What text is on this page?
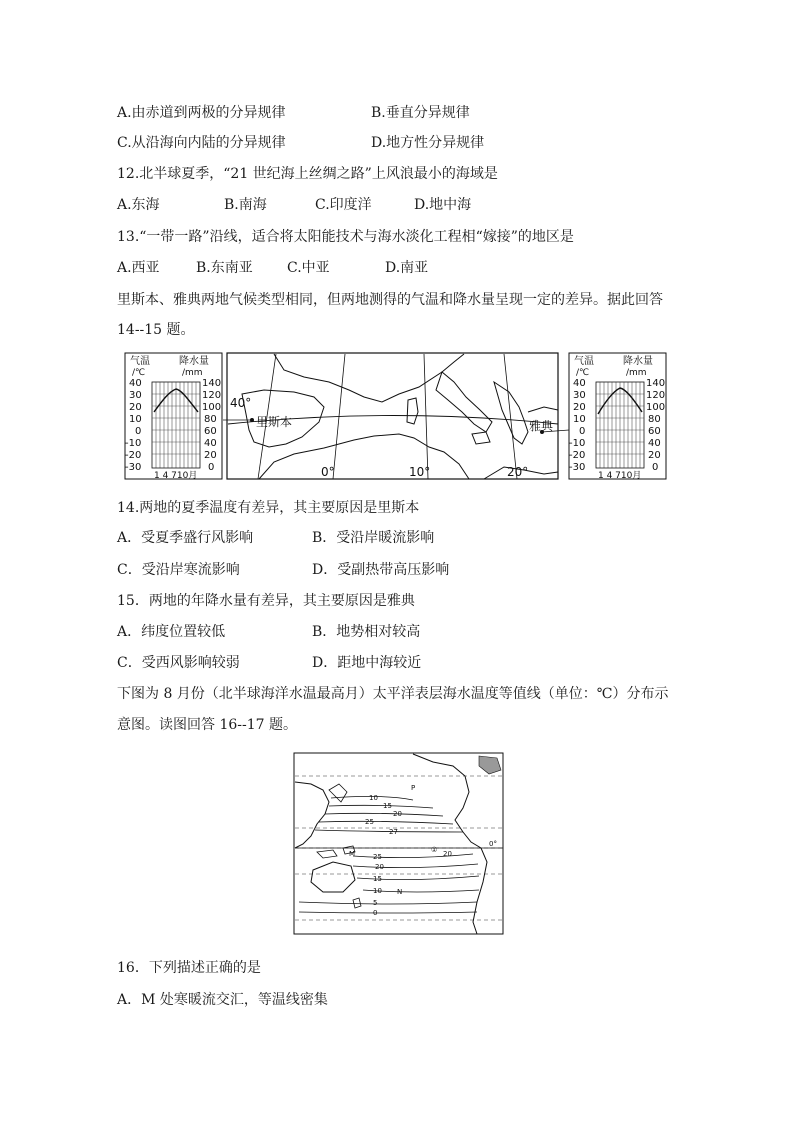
A.由赤道到两极的分异规律	B.垂直分异规律
C.从沿海向内陆的分异规律	D.地方性分异规律
12.北半球夏季，“21 世纪海上丝绸之路”上风浪最小的海域是
A.东海	B.南海	C.印度洋	D.地中海
13.“一带一路”沿线，适合将太阳能技术与海水淡化工程相“嫁接”的地区是
A.西亚	B.东南亚 C.中亚	D.南亚
里斯本、雅典两地气候类型相同，但两地测得的气温和降水量呈现一定的差异。据此回答
14--15 题。
气温
/℃
降水量
/mm
40
30
20
10
0
-10
-20
-30
140
120
100
80
60
40
20
0
1 4 710月
40°
里斯本	雅典
0°	10°	20°
气温
/℃
降水量
/mm
40
30
20
10
0
-10
-20
-30
140
120
100
80
60
40
20
0
1 4 710月
14.两地的夏季温度有差异，其主要原因是里斯本
A．受夏季盛行风影响	B．受沿岸暖流影响
C．受沿岸寒流影响	D．受副热带高压影响
15．两地的年降水量有差异，其主要原因是雅典
A．纬度位置较低	B．地势相对较高
C．受西风影响较弱	D．距地中海较近
下图为 8 月份（北半球海洋水温最高月）太平洋表层海水温度等值线（单位：℃）分布示
意图。读图回答 16--17 题。
10
15
20
25
27
25
20
15
10
5
0
P
M
N
① 20
0°
16．下列描述正确的是
A．M 处寒暖流交汇，等温线密集
